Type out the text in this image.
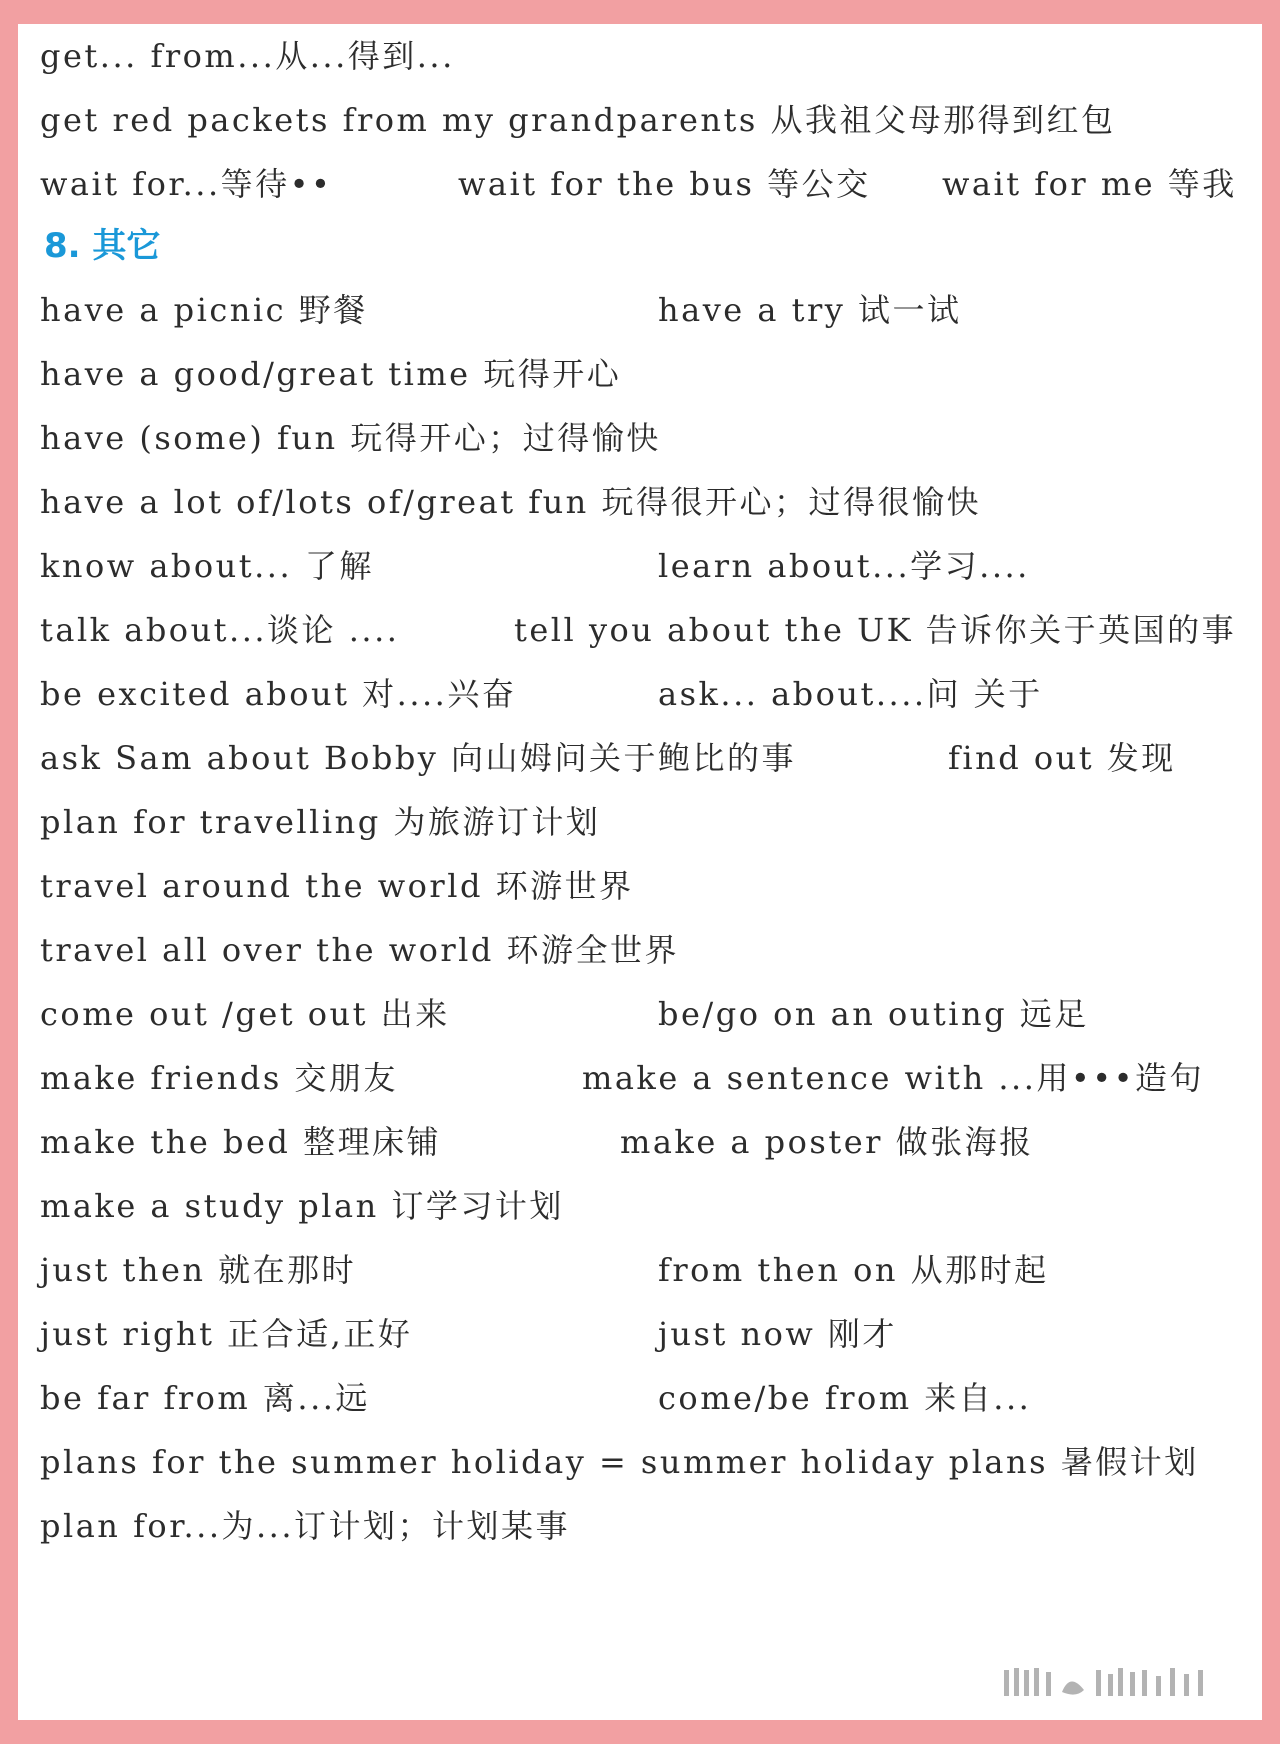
get... from...从...得到...
get red packets from my grandparents 从我祖父母那得到红包
wait for...等待••	wait for the bus 等公交 wait for me 等我
8. 其它
have a picnic 野餐	have a try 试一试
have a good/great time 玩得开心
have (some) fun 玩得开心；过得愉快
have a lot of/lots of/great fun 玩得很开心；过得很愉快
know about... 了解	learn about...学习....
talk about...谈论 ....	tell you about the UK 告诉你关于英国的事
be excited about 对....兴奋	ask... about....问 关于
ask Sam about Bobby 向山姆问关于鲍比的事	find out 发现
plan for travelling 为旅游订计划
travel around the world 环游世界
travel all over the world 环游全世界
come out /get out 出来	be/go on an outing 远足
make friends 交朋友	make a sentence with ...用•••造句
make the bed 整理床铺	make a poster 做张海报
make a study plan 订学习计划
just then 就在那时	from then on 从那时起
just right 正合适,正好	just now 刚才
be far from 离...远	come/be from 来自...
plans for the summer holiday = summer holiday plans 暑假计划
plan for...为...订计划；计划某事
